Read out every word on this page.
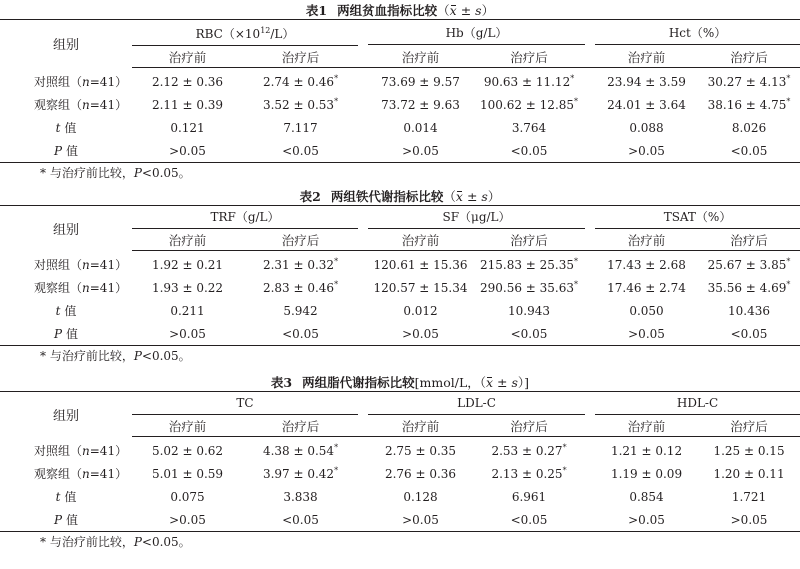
表1 两组贫血指标比较（x ± s）
组别	$RBC(\times 10^{12}/L)$			Hb（g/L）			Hct（%）	

	治疗前	治疗后		治疗前	治疗后		治疗前	治疗后
对照组（n=41）	2.12 ± 0.36	2.74 ± 0.46*		73.69 ± 9.57	90.63 ± 11.12*		23.94 ± 3.59	30.27 ± 4.13*
观察组（n=41）	2.11 ± 0.39	3.52 ± 0.53*		73.72 ± 9.63	100.62 ± 12.85*		24.01 ± 3.64	38.16 ± 4.75*
t 值	0.121	7.117		0.014	3.764		0.088	8.026
P 值	>0.05	<0.05		>0.05	<0.05		>0.05	<0.05
* 与治疗前比较，P<0.05。
表2 两组铁代谢指标比较（x ± s）
组别	TRF（g/L）			SF（μg/L）			TSAT（%）	

	治疗前	治疗后		治疗前	治疗后		治疗前	治疗后
对照组（n=41）	1.92 ± 0.21	2.31 ± 0.32*		120.61 ± 15.36	215.83 ± 25.35*		17.43 ± 2.68	25.67 ± 3.85*
观察组（n=41）	1.93 ± 0.22	2.83 ± 0.46*		120.57 ± 15.34	290.56 ± 35.63*		17.46 ± 2.74	35.56 ± 4.69*
t 值	0.211	5.942		0.012	10.943		0.050	10.436
P 值	>0.05	<0.05		>0.05	<0.05		>0.05	<0.05
* 与治疗前比较，P<0.05。
表3 两组脂代谢指标比较[mmol/L，（x ± s）]
组别	TC			LDL-C			HDL-C	

	治疗前	治疗后		治疗前	治疗后		治疗前	治疗后
对照组（n=41）	5.02 ± 0.62	4.38 ± 0.54*		2.75 ± 0.35	2.53 ± 0.27*		1.21 ± 0.12	1.25 ± 0.15
观察组（n=41）	5.01 ± 0.59	3.97 ± 0.42*		2.76 ± 0.36	2.13 ± 0.25*		1.19 ± 0.09	1.20 ± 0.11
t 值	0.075	3.838		0.128	6.961		0.854	1.721
P 值	>0.05	<0.05		>0.05	<0.05		>0.05	>0.05
* 与治疗前比较，P<0.05。
